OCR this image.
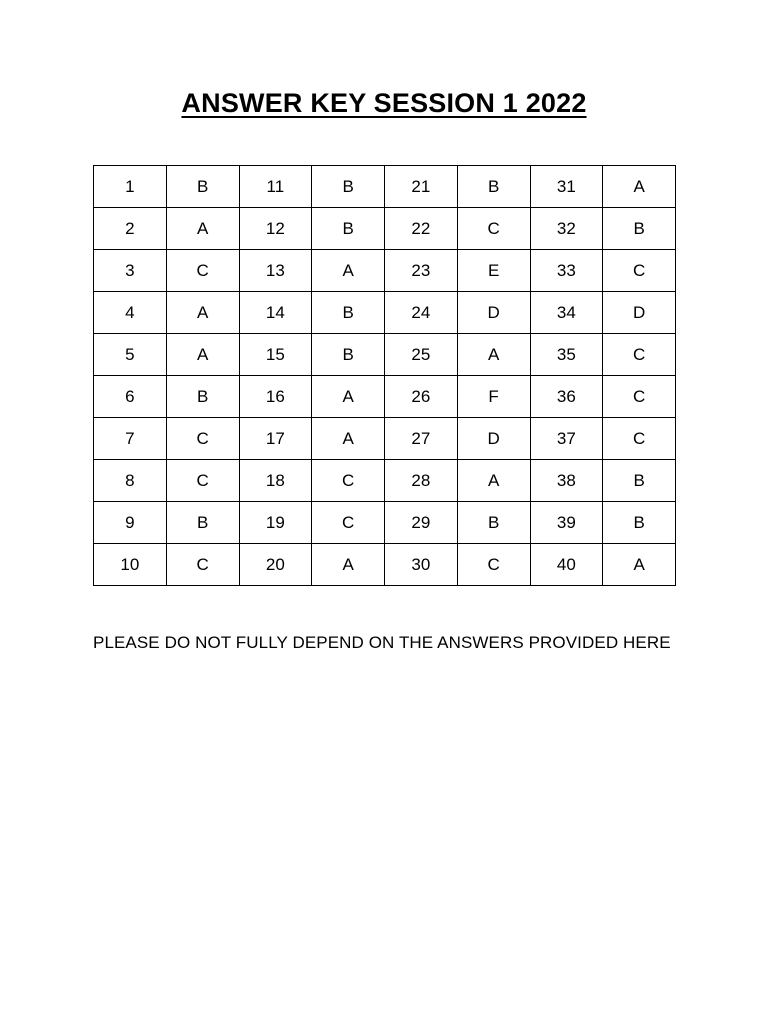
ANSWER KEY SESSION 1 2022
1	B	11	B	21	B	31	A
2	A	12	B	22	C	32	B
3	C	13	A	23	E	33	C
4	A	14	B	24	D	34	D
5	A	15	B	25	A	35	C
6	B	16	A	26	F	36	C
7	C	17	A	27	D	37	C
8	C	18	C	28	A	38	B
9	B	19	C	29	B	39	B
10	C	20	A	30	C	40	A
PLEASE DO NOT FULLY DEPEND ON THE ANSWERS PROVIDED HERE
